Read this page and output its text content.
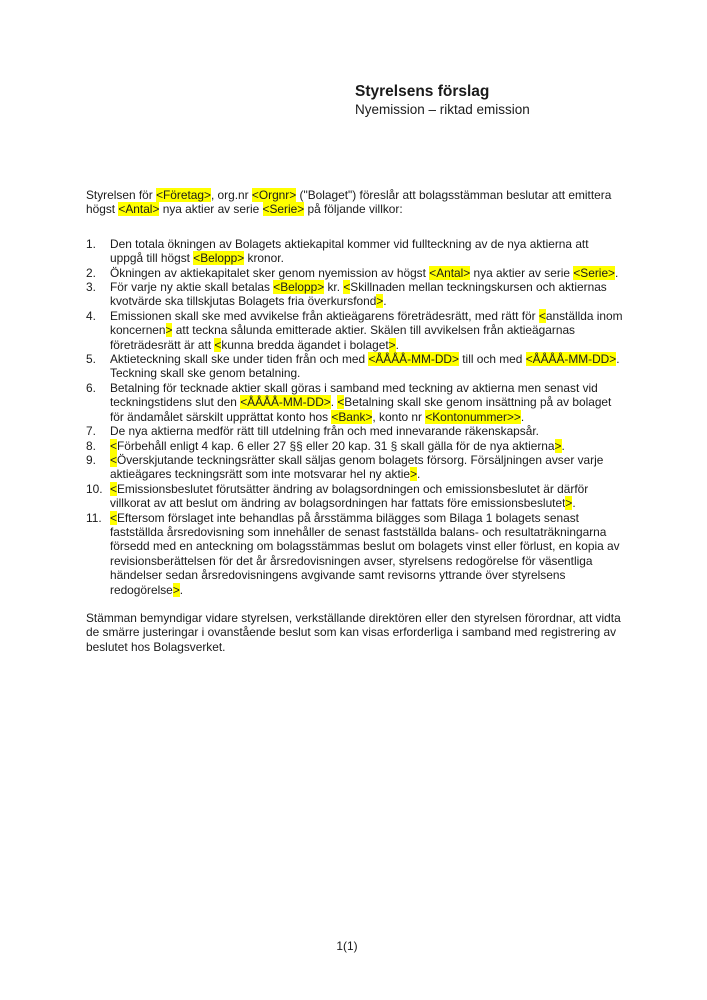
Styrelsens förslag
Nyemission – riktad emission

Styrelsen för <Företag>, org.nr <Orgnr> ("Bolaget") föreslår att bolagsstämman beslutar att emittera högst <Antal> nya aktier av serie <Serie> på följande villkor:

1.	Den totala ökningen av Bolagets aktiekapital kommer vid fullteckning av de nya aktierna att uppgå till högst <Belopp> kronor.
2.	Ökningen av aktiekapitalet sker genom nyemission av högst <Antal> nya aktier av serie <Serie>.
3.	För varje ny aktie skall betalas <Belopp> kr. <Skillnaden mellan teckningskursen och aktiernas kvotvärde ska tillskjutas Bolagets fria överkursfond>.
4.	Emissionen skall ske med avvikelse från aktieägarens företrädesrätt, med rätt för <anställda inom koncernen> att teckna sålunda emitterade aktier. Skälen till avvikelsen från aktieägarnas företrädesrätt är att <kunna bredda ägandet i bolaget>.
5.	Aktieteckning skall ske under tiden från och med <ÅÅÅÅ-MM-DD> till och med <ÅÅÅÅ-MM-DD>. Teckning skall ske genom betalning.
6.	Betalning för tecknade aktier skall göras i samband med teckning av aktierna men senast vid teckningstidens slut den <ÅÅÅÅ-MM-DD>. <Betalning skall ske genom insättning på av bolaget för ändamålet särskilt upprättat konto hos <Bank>, konto nr <Kontonummer>>.
7.	De nya aktierna medför rätt till utdelning från och med innevarande räkenskapsår.
8.	<Förbehåll enligt 4 kap. 6 eller 27 §§ eller 20 kap. 31 § skall gälla för de nya aktierna>.
9.	<Överskjutande teckningsrätter skall säljas genom bolagets försorg. Försäljningen avser varje aktieägares teckningsrätt som inte motsvarar hel ny aktie>.
10. <Emissionsbeslutet förutsätter ändring av bolagsordningen och emissionsbeslutet är därför villkorat av att beslut om ändring av bolagsordningen har fattats före emissionsbeslutet>.
11. <Eftersom förslaget inte behandlas på årsstämma bilägges som Bilaga 1 bolagets senast fastställda årsredovisning som innehåller de senast fastställda balans- och resultaträkningarna försedd med en anteckning om bolagsstämmas beslut om bolagets vinst eller förlust, en kopia av revisionsberättelsen för det år årsredovisningen avser, styrelsens redogörelse för väsentliga händelser sedan årsredovisningens avgivande samt revisorns yttrande över styrelsens redogörelse>.

Stämman bemyndigar vidare styrelsen, verkställande direktören eller den styrelsen förordnar, att vidta de smärre justeringar i ovanstående beslut som kan visas erforderliga i samband med registrering av beslutet hos Bolagsverket.

1(1)
